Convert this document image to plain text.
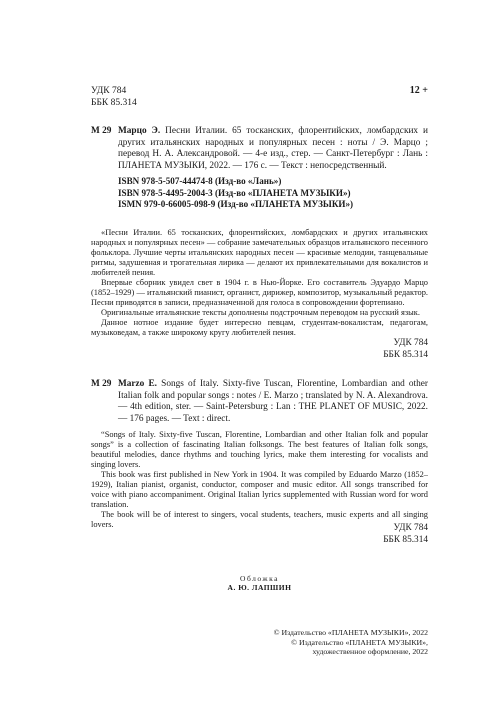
УДК 784
ББК 85.314
12 +
М 29 Марцо Э. Песни Италии. 65 тосканских, флорентийских, ломбардских и других итальянских народных и популярных песен : ноты / Э. Марцо ; перевод Н. А. Александровой. — 4-е изд., стер. — Санкт-Петербург : Лань : ПЛАНЕТА МУЗЫКИ, 2022. — 176 с. — Текст : непосредственный.
ISBN 978-5-507-44474-8 (Изд-во «Лань»)
ISBN 978-5-4495-2004-3 (Изд-во «ПЛАНЕТА МУЗЫКИ»)
ISMN 979-0-66005-098-9 (Изд-во «ПЛАНЕТА МУЗЫКИ»)

«Песни Италии. 65 тосканских, флорентийских, ломбардских и других итальянских народных и популярных песен» — собрание замечательных образцов итальянского песенного фольклора. Лучшие черты итальянских народных песен — красивые мелодии, танцевальные ритмы, задушевная и трогательная лирика — делают их привлекательными для вокалистов и любителей пения.

Впервые сборник увидел свет в 1904 г. в Нью-Йорке. Его составитель Эдуардо Марцо (1852–1929) — итальянский пианист, органист, дирижер, композитор, музыкальный редактор. Песни приводятся в записи, предназначенной для голоса в сопровождении фортепиано.

Оригинальные итальянские тексты дополнены подстрочным переводом на русский язык.

Данное нотное издание будет интересно певцам, студентам-вокалистам, педагогам, музыковедам, а также широкому кругу любителей пения.

УДК 784
ББК 85.314
М 29 Marzo E. Songs of Italy. Sixty-five Tuscan, Florentine, Lombardian and other Italian folk and popular songs : notes / E. Marzo ; translated by N. A. Alexandrova. — 4th edition, ster. — Saint-Petersburg : Lan : THE PLANET OF MUSIC, 2022. — 176 pages. — Text : direct.

“Songs of Italy. Sixty-five Tuscan, Florentine, Lombardian and other Italian folk and popular songs” is a collection of fascinating Italian folksongs. The best features of Italian folk songs, beautiful melodies, dance rhythms and touching lyrics, make them interesting for vocalists and singing lovers.

This book was first published in New York in 1904. It was compiled by Eduardo Marzo (1852–1929), Italian pianist, organist, conductor, composer and music editor. All songs transcribed for voice with piano accompaniment. Original Italian lyrics supplemented with Russian word for word translation.

The book will be of interest to singers, vocal students, teachers, music experts and all singing lovers.	УДК 784
ББК 85.314
Обложка
А. Ю. ЛАПШИН
© Издательство «ПЛАНЕТА МУЗЫКИ», 2022
© Издательство «ПЛАНЕТА МУЗЫКИ»,
художественное оформление, 2022
